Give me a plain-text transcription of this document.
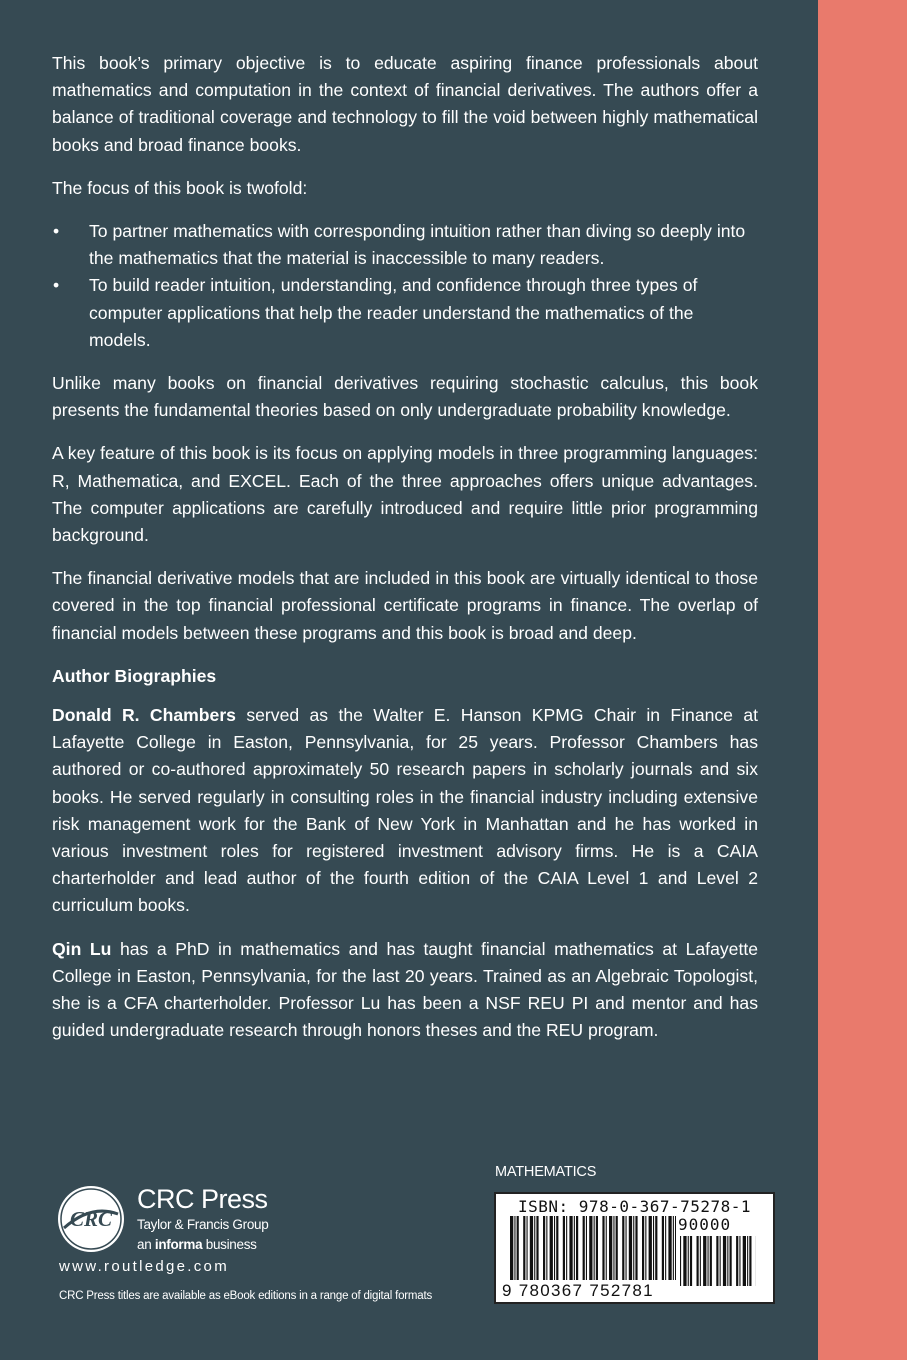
This book’s primary objective is to educate aspiring finance professionals about mathematics and computation in the context of financial derivatives. The authors offer a balance of traditional coverage and technology to fill the void between highly mathematical books and broad finance books.

The focus of this book is twofold:

• To partner mathematics with corresponding intuition rather than diving so deeply into the mathematics that the material is inaccessible to many readers.
• To build reader intuition, understanding, and confidence through three types of computer applications that help the reader understand the mathematics of the models.

Unlike many books on financial derivatives requiring stochastic calculus, this book presents the fundamental theories based on only undergraduate probability knowledge.

A key feature of this book is its focus on applying models in three programming languages: R, Mathematica, and EXCEL. Each of the three approaches offers unique advantages. The computer applications are carefully introduced and require little prior programming background.

The financial derivative models that are included in this book are virtually identical to those covered in the top financial professional certificate programs in finance. The overlap of financial models between these programs and this book is broad and deep.

Author Biographies

Donald R. Chambers served as the Walter E. Hanson KPMG Chair in Finance at Lafayette College in Easton, Pennsylvania, for 25 years. Professor Chambers has authored or co-authored approximately 50 research papers in scholarly journals and six books. He served regularly in consulting roles in the financial industry including extensive risk management work for the Bank of New York in Manhattan and he has worked in various investment roles for registered investment advisory firms. He is a CAIA charterholder and lead author of the fourth edition of the CAIA Level 1 and Level 2 curriculum books.

Qin Lu has a PhD in mathematics and has taught financial mathematics at Lafayette College in Easton, Pennsylvania, for the last 20 years. Trained as an Algebraic Topologist, she is a CFA charterholder. Professor Lu has been a NSF REU PI and mentor and has guided undergraduate research through honors theses and the REU program.

CRC
CRC Press
Taylor & Francis Group
an informa business
www.routledge.com
CRC Press titles are available as eBook editions in a range of digital formats
MATHEMATICS
ISBN: 978-0-367-75278-1
90000
9 780367 752781
